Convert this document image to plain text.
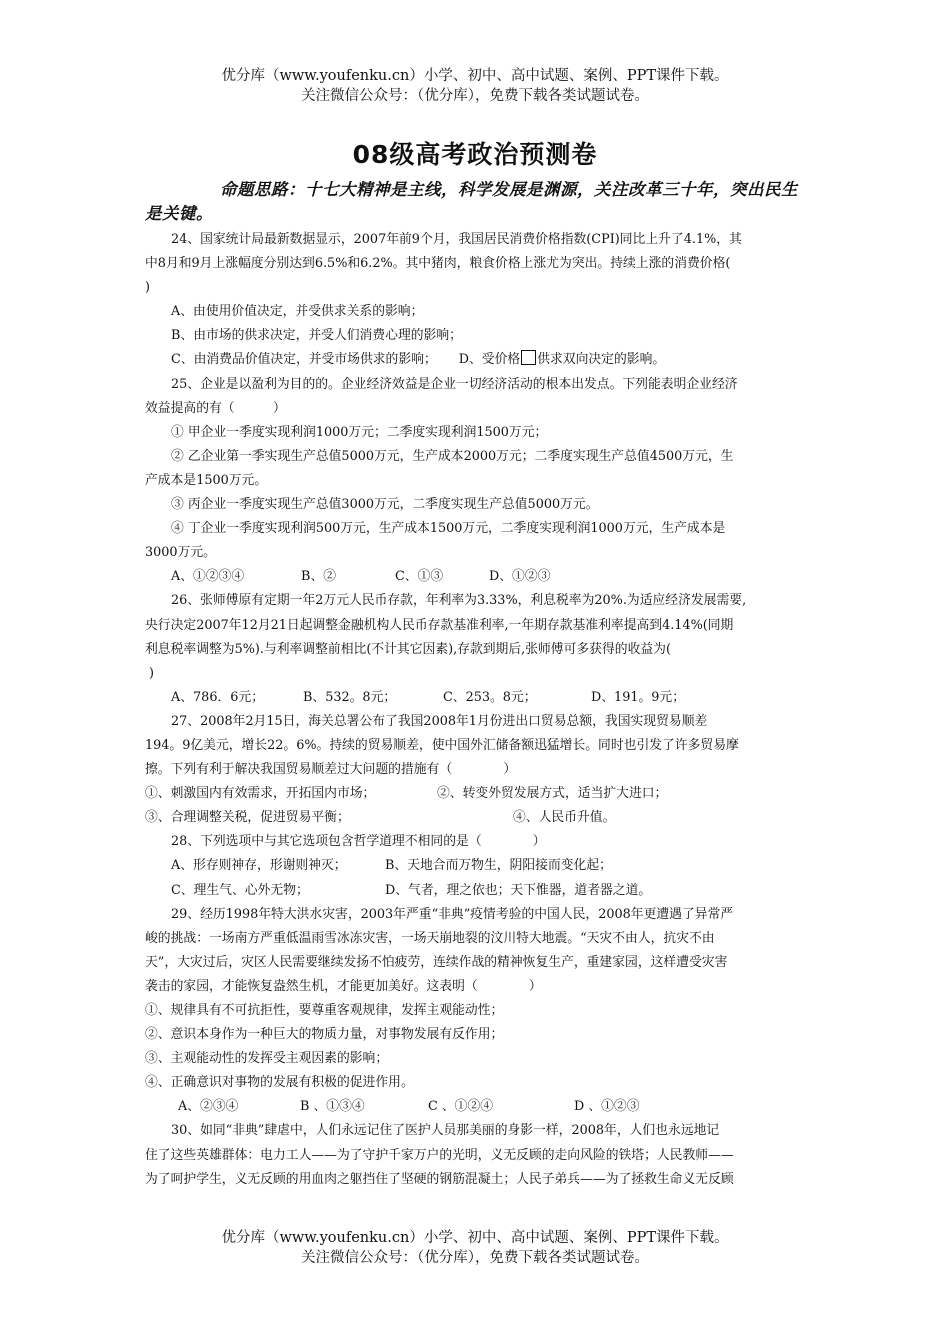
优分库（www.youfenku.cn）小学、初中、高中试题、案例、PPT课件下载。
关注微信公众号：（优分库），免费下载各类试题试卷。
08级高考政治预测卷
命题思路：十七大精神是主线，科学发展是渊源，关注改革三十年，突出民生是关键。
24、国家统计局最新数据显示，2007年前9个月，我国居民消费价格指数(CPI)同比上升了4.1%，其
中8月和9月上涨幅度分别达到6.5%和6.2%。其中猪肉，粮食价格上涨尤为突出。持续上涨的消费价格(
)
A、由使用价值决定，并受供求关系的影响；
B、由市场的供求决定，并受人们消费心理的影响；
C、由消费品价值决定，并受市场供求的影响； D、受价格 供求双向决定的影响。
25、企业是以盈利为目的的。企业经济效益是企业一切经济活动的根本出发点。下列能表明企业经济
效益提高的有（　　　）
① 甲企业一季度实现利润1000万元；二季度实现利润1500万元；
② 乙企业第一季实现生产总值5000万元，生产成本2000万元；二季度实现生产总值4500万元，生
产成本是1500万元。
③ 丙企业一季度实现生产总值3000万元，二季度实现生产总值5000万元。
④ 丁企业一季度实现利润500万元，生产成本1500万元，二季度实现利润1000万元，生产成本是
3000万元。
A、①②③④	B、②	C、①③	D、①②③
26、张师傅原有定期一年2万元人民币存款，年利率为3.33%，利息税率为20%.为适应经济发展需要,
央行决定2007年12月21日起调整金融机构人民币存款基准利率,一年期存款基准利率提高到4.14%(同期
利息税率调整为5%).与利率调整前相比(不计其它因素),存款到期后,张师傅可多获得的收益为(
)
A、786．6元；	B、532。8元；	C、253。8元；	D、191。9元；
27、2008年2月15日，海关总署公布了我国2008年1月份进出口贸易总额，我国实现贸易顺差
194。9亿美元，增长22。6%。持续的贸易顺差，使中国外汇储备额迅猛增长。同时也引发了许多贸易摩
擦。下列有利于解决我国贸易顺差过大问题的措施有（　　　　）
①、刺激国内有效需求，开拓国内市场；	②、转变外贸发展方式，适当扩大进口；
③、合理调整关税，促进贸易平衡；	④、人民币升值。
28、下列选项中与其它选项包含哲学道理不相同的是（　　　　）
A、形存则神存，形谢则神灭；	B、天地合而万物生，阴阳接而变化起；
C、理生气、心外无物；	D、气者，理之依也；天下惟器，道者器之道。
29、经历1998年特大洪水灾害，2003年严重“非典”疫情考验的中国人民，2008年更遭遇了异常严
峻的挑战：一场南方严重低温雨雪冰冻灾害，一场天崩地裂的汶川特大地震。“天灾不由人，抗灾不由
天”，大灾过后，灾区人民需要继续发扬不怕疲劳，连续作战的精神恢复生产，重建家园，这样遭受灾害
袭击的家园，才能恢复盎然生机，才能更加美好。这表明（　　　　）
①、规律具有不可抗拒性，要尊重客观规律，发挥主观能动性；
②、意识本身作为一种巨大的物质力量，对事物发展有反作用；
③、主观能动性的发挥受主观因素的影响；
④、正确意识对事物的发展有积极的促进作用。
A、②③④	B 、①③④	C 、①②④	D 、①②③
30、如同“非典”肆虐中，人们永远记住了医护人员那美丽的身影一样，2008年，人们也永远地记
住了这些英雄群体：电力工人——为了守护千家万户的光明，义无反顾的走向风险的铁塔；人民教师——
为了呵护学生，义无反顾的用血肉之躯挡住了坚硬的钢筋混凝土；人民子弟兵——为了拯救生命义无反顾
优分库（www.youfenku.cn）小学、初中、高中试题、案例、PPT课件下载。
关注微信公众号：（优分库），免费下载各类试题试卷。
